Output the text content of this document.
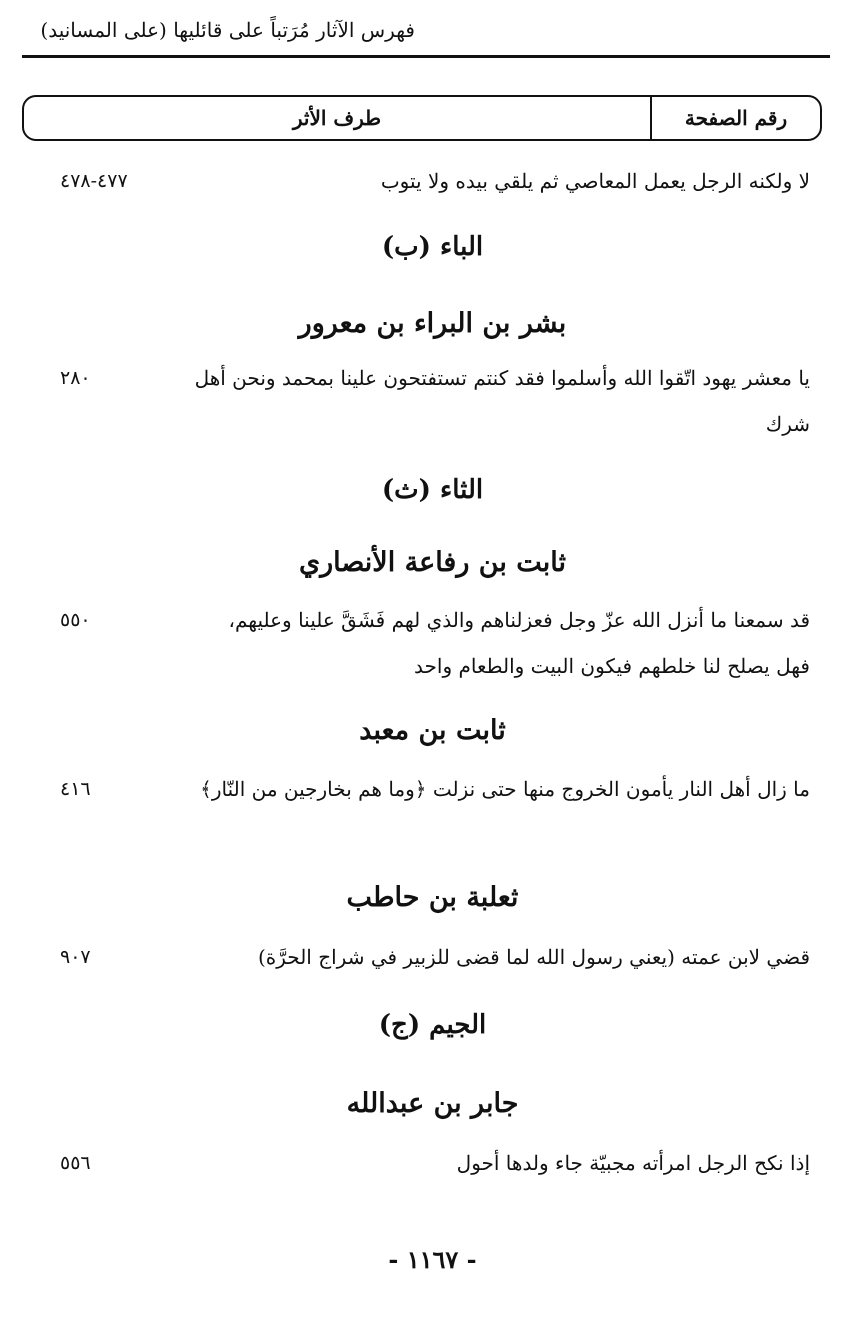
فهرس الآثار مُرَتباً على قائليها (على المسانيد)
رقم الصفحة
طرف الأثر
لا ولكنه الرجل يعمل المعاصي ثم يلقي بيده ولا يتوب
٤٧٧-٤٧٨
الباء (ب)
بشر بن البراء بن معرور
يا معشر يهود اتّقوا الله وأسلموا فقد كنتم تستفتحون علينا بمحمد ونحن أهل شرك
٢٨٠
الثاء (ث)
ثابت بن رفاعة الأنصاري
قد سمعنا ما أنزل الله عزّ وجل فعزلناهم والذي لهم فَشَقَّ علينا وعليهم، فهل يصلح لنا خلطهم فيكون البيت والطعام واحد
٥٥٠
ثابت بن معبد
ما زال أهل النار يأمون الخروج منها حتى نزلت ﴿وما هم بخارجين من النّار﴾
٤١٦
ثعلبة بن حاطب
قضي لابن عمته (يعني رسول الله لما قضى للزبير في شراج الحرَّة)
٩٠٧
الجيم (ج)
جابر بن عبدالله
إذا نكح الرجل امرأته مجبيّة جاء ولدها أحول
٥٥٦
- ١١٦٧ -
